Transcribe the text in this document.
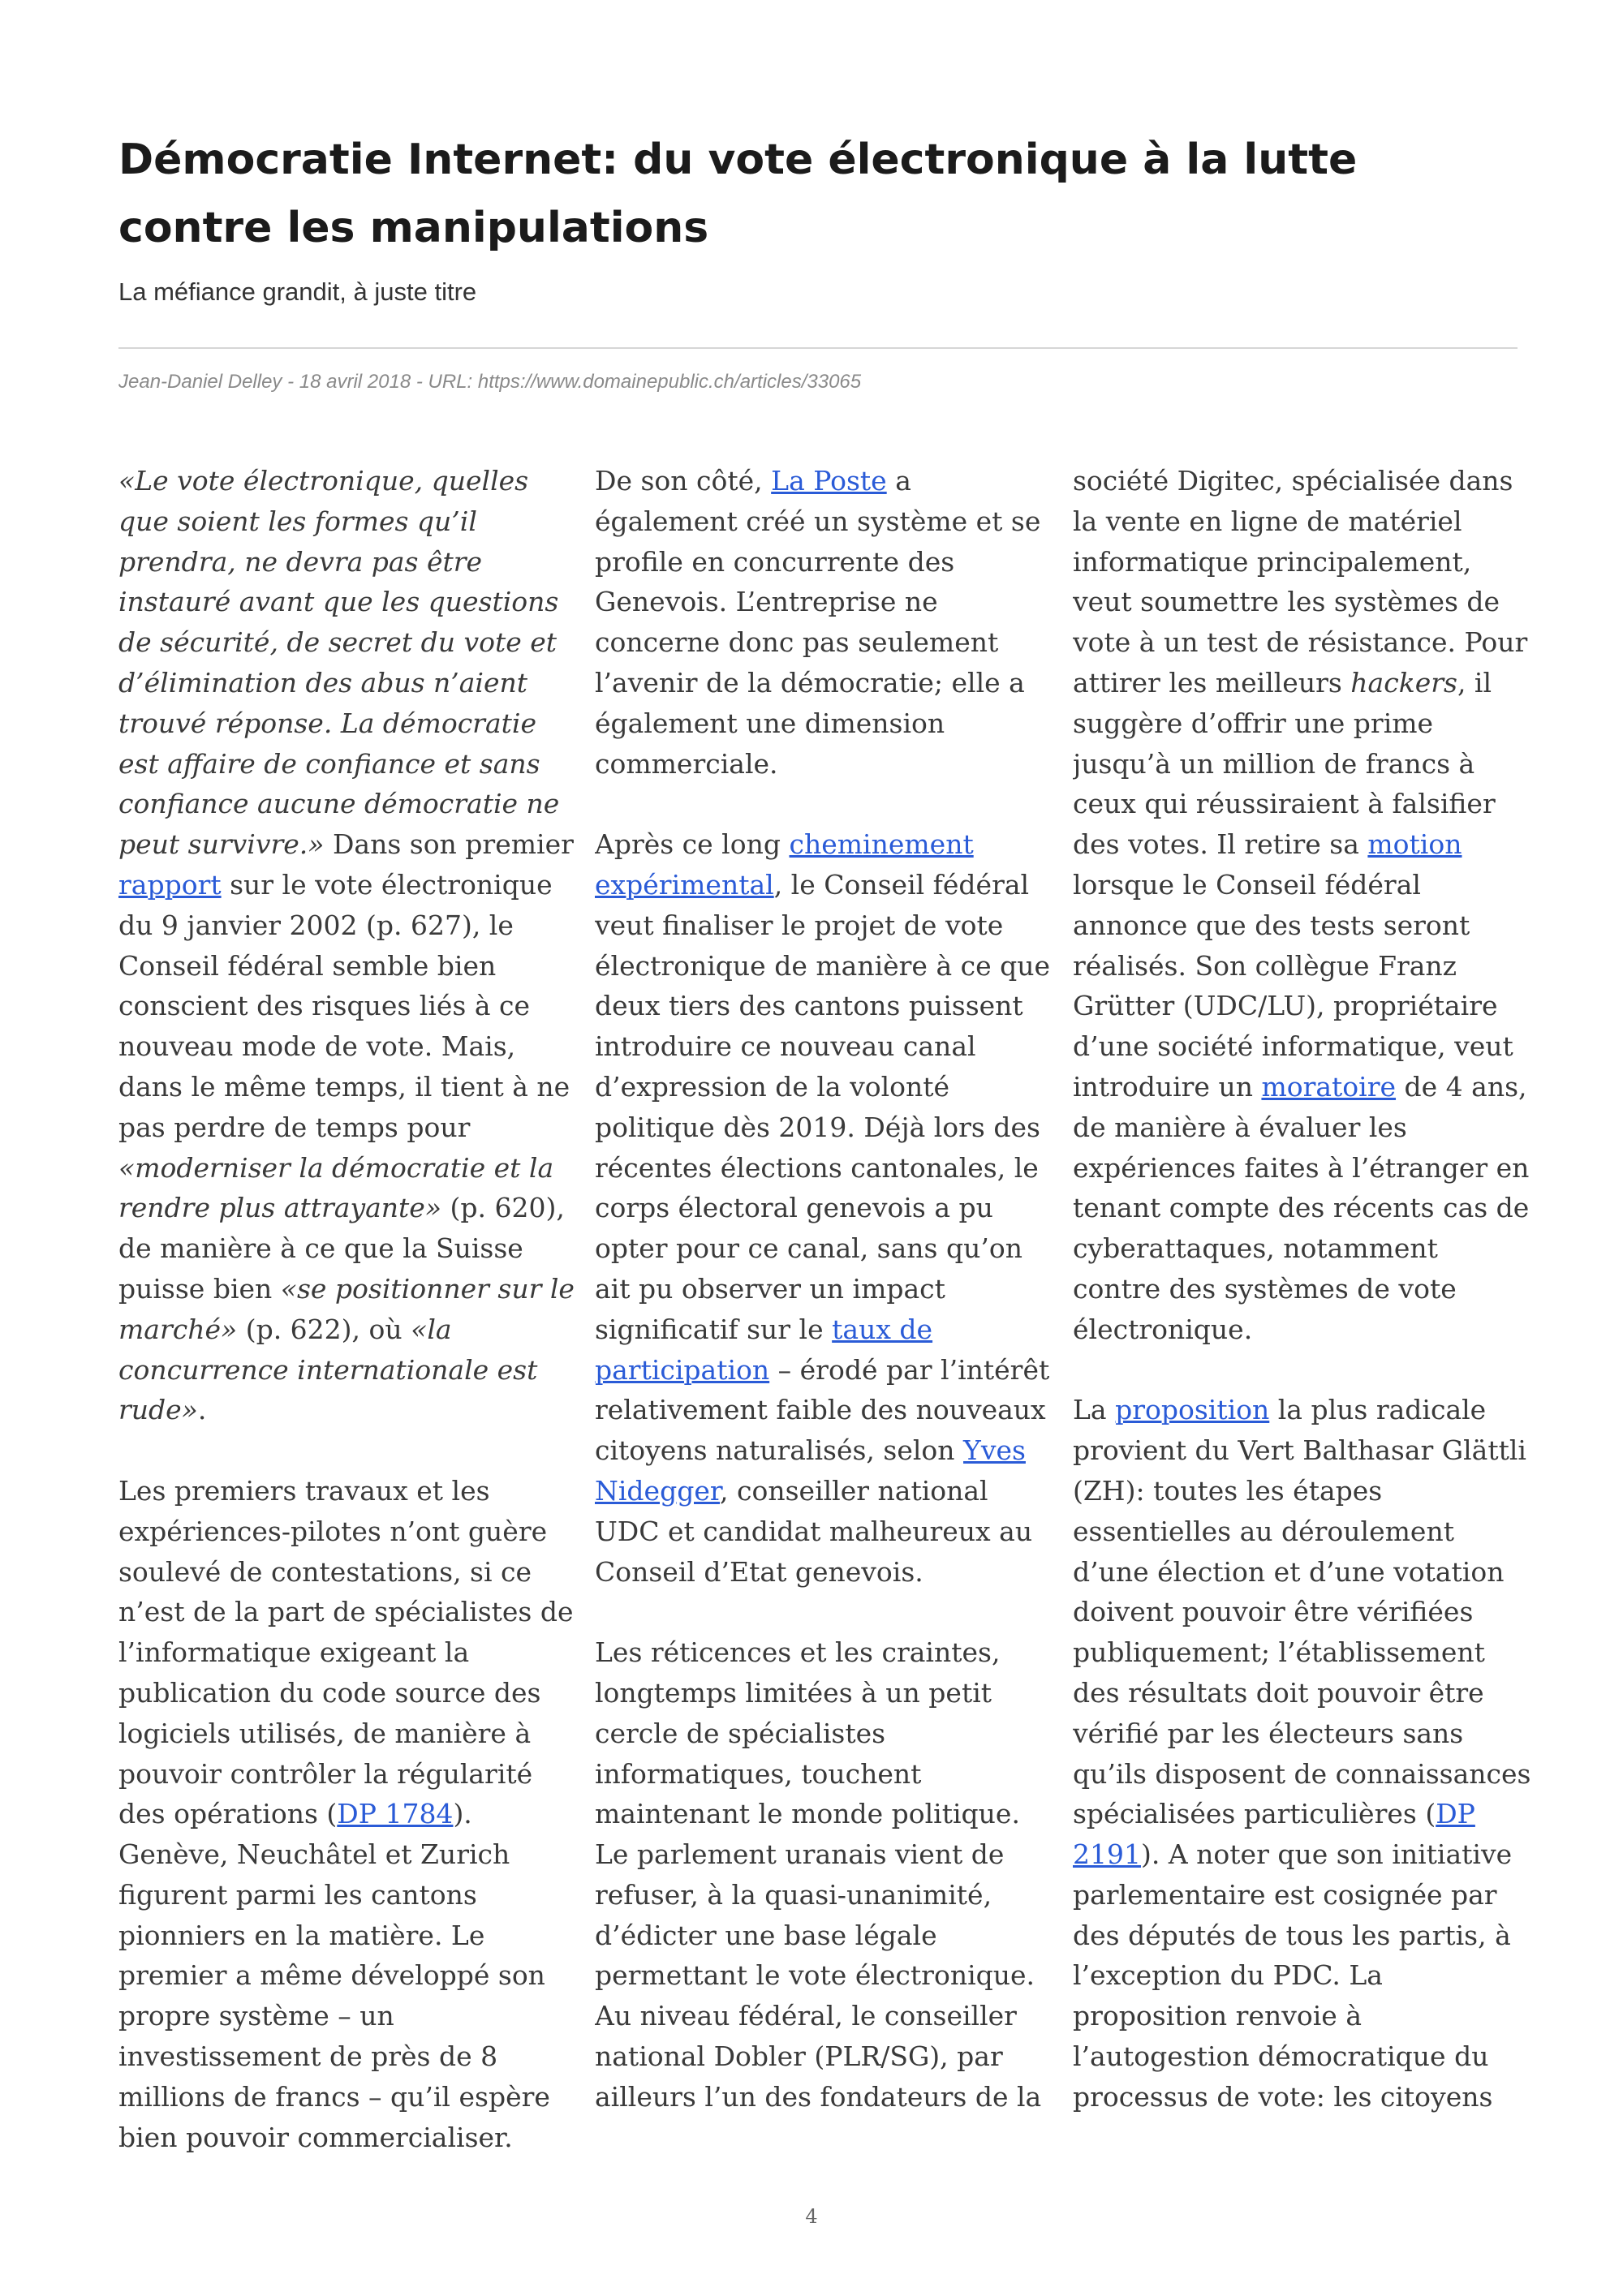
Démocratie Internet: du vote électronique à la lutte contre les manipulations

La méfiance grandit, à juste titre

Jean-Daniel Delley - 18 avril 2018 - URL: https://www.domainepublic.ch/articles/33065

«Le vote électronique, quelles que soient les formes qu’il prendra, ne devra pas être instauré avant que les questions de sécurité, de secret du vote et d’élimination des abus n’aient trouvé réponse. La démocratie est affaire de confiance et sans confiance aucune démocratie ne peut survivre.» Dans son premier rapport sur le vote électronique du 9 janvier 2002 (p. 627), le Conseil fédéral semble bien conscient des risques liés à ce nouveau mode de vote. Mais, dans le même temps, il tient à ne pas perdre de temps pour «moderniser la démocratie et la rendre plus attrayante» (p. 620), de manière à ce que la Suisse puisse bien «se positionner sur le marché» (p. 622), où «la concurrence internationale est rude».

Les premiers travaux et les expériences-pilotes n’ont guère soulevé de contestations, si ce n’est de la part de spécialistes de l’informatique exigeant la publication du code source des logiciels utilisés, de manière à pouvoir contrôler la régularité des opérations (DP 1784). Genève, Neuchâtel et Zurich figurent parmi les cantons pionniers en la matière. Le premier a même développé son propre système – un investissement de près de 8 millions de francs – qu’il espère bien pouvoir commercialiser.

De son côté, La Poste a également créé un système et se profile en concurrente des Genevois. L’entreprise ne concerne donc pas seulement l’avenir de la démocratie; elle a également une dimension commerciale.

Après ce long cheminement expérimental, le Conseil fédéral veut finaliser le projet de vote électronique de manière à ce que deux tiers des cantons puissent introduire ce nouveau canal d’expression de la volonté politique dès 2019. Déjà lors des récentes élections cantonales, le corps électoral genevois a pu opter pour ce canal, sans qu’on ait pu observer un impact significatif sur le taux de participation – érodé par l’intérêt relativement faible des nouveaux citoyens naturalisés, selon Yves Nidegger, conseiller national UDC et candidat malheureux au Conseil d’Etat genevois.

Les réticences et les craintes, longtemps limitées à un petit cercle de spécialistes informatiques, touchent maintenant le monde politique. Le parlement uranais vient de refuser, à la quasi-unanimité, d’édicter une base légale permettant le vote électronique. Au niveau fédéral, le conseiller national Dobler (PLR/SG), par ailleurs l’un des fondateurs de la

société Digitec, spécialisée dans la vente en ligne de matériel informatique principalement, veut soumettre les systèmes de vote à un test de résistance. Pour attirer les meilleurs hackers, il suggère d’offrir une prime jusqu’à un million de francs à ceux qui réussiraient à falsifier des votes. Il retire sa motion lorsque le Conseil fédéral annonce que des tests seront réalisés. Son collègue Franz Grütter (UDC/LU), propriétaire d’une société informatique, veut introduire un moratoire de 4 ans, de manière à évaluer les expériences faites à l’étranger en tenant compte des récents cas de cyberattaques, notamment contre des systèmes de vote électronique.

La proposition la plus radicale provient du Vert Balthasar Glättli (ZH): toutes les étapes essentielles au déroulement d’une élection et d’une votation doivent pouvoir être vérifiées publiquement; l’établissement des résultats doit pouvoir être vérifié par les électeurs sans qu’ils disposent de connaissances spécialisées particulières (DP 2191). A noter que son initiative parlementaire est cosignée par des députés de tous les partis, à l’exception du PDC. La proposition renvoie à l’autogestion démocratique du processus de vote: les citoyens

4
